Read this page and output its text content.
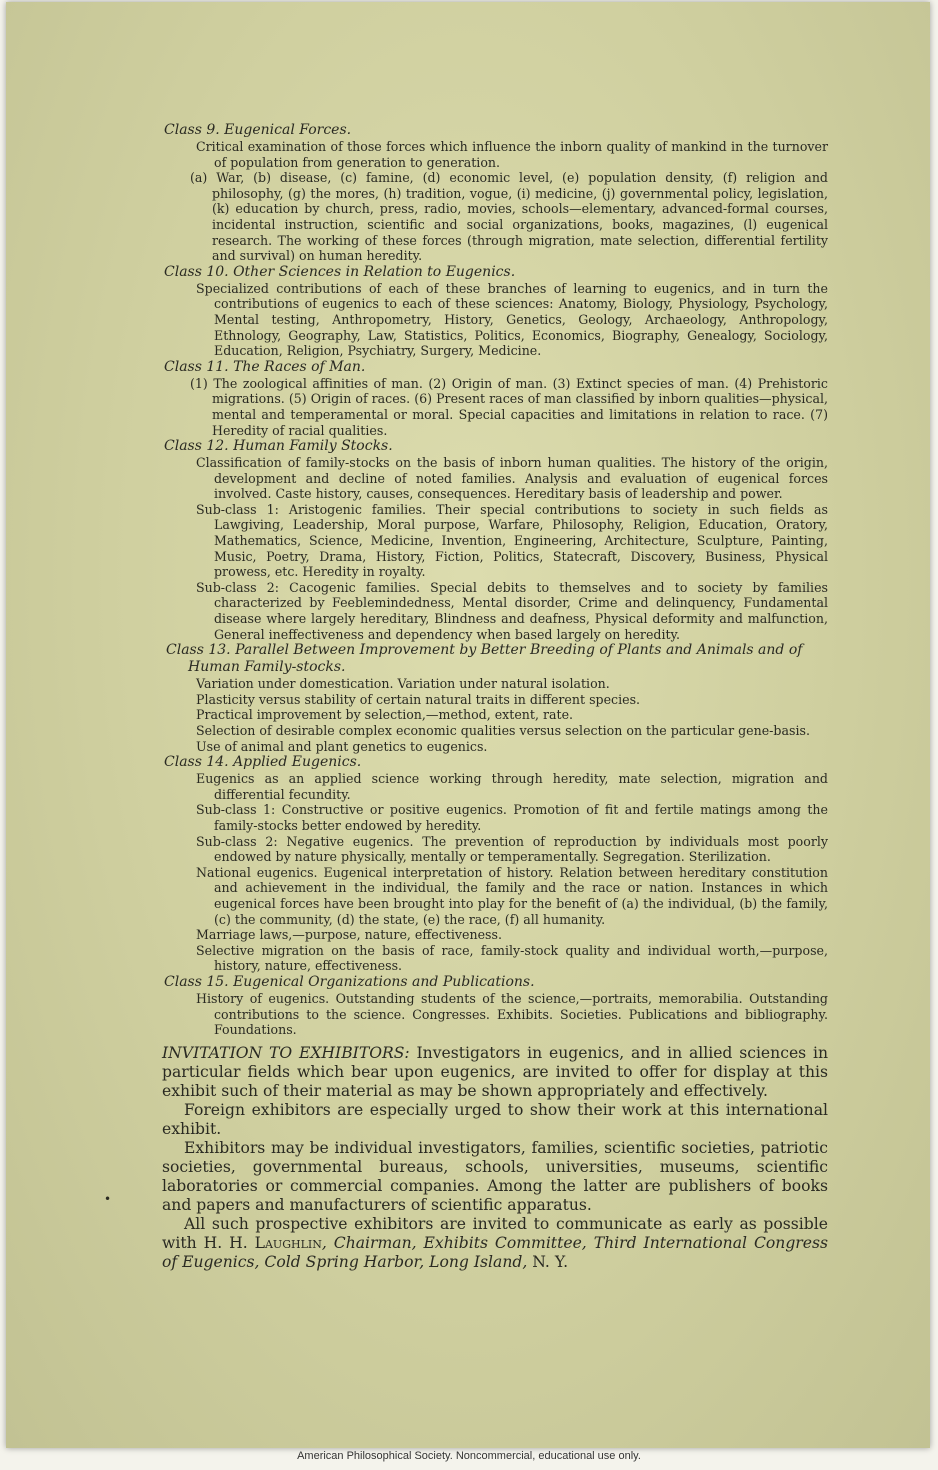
Class 9. Eugenical Forces.
Critical examination of those forces which influence the inborn quality of mankind in the turnover of population from generation to generation.
(a) War, (b) disease, (c) famine, (d) economic level, (e) population density, (f) religion and philosophy, (g) the mores, (h) tradition, vogue, (i) medicine, (j) governmental policy, legislation, (k) education by church, press, radio, movies, schools—elementary, advanced-formal courses, incidental instruction, scientific and social organizations, books, magazines, (l) eugenical research. The working of these forces (through migration, mate selection, differential fertility and survival) on human heredity.
Class 10. Other Sciences in Relation to Eugenics.
Specialized contributions of each of these branches of learning to eugenics, and in turn the contributions of eugenics to each of these sciences: Anatomy, Biology, Physiology, Psychology, Mental testing, Anthropometry, History, Genetics, Geology, Archaeology, Anthropology, Ethnology, Geography, Law, Statistics, Politics, Economics, Biography, Genealogy, Sociology, Education, Religion, Psychiatry, Surgery, Medicine.
Class 11. The Races of Man.
(1) The zoological affinities of man. (2) Origin of man. (3) Extinct species of man. (4) Prehistoric migrations. (5) Origin of races. (6) Present races of man classified by inborn qualities—physical, mental and temperamental or moral. Special capacities and limitations in relation to race. (7) Heredity of racial qualities.
Class 12. Human Family Stocks.
Classification of family-stocks on the basis of inborn human qualities. The history of the origin, development and decline of noted families. Analysis and evaluation of eugenical forces involved. Caste history, causes, consequences. Hereditary basis of leadership and power.
Sub-class 1: Aristogenic families. Their special contributions to society in such fields as Lawgiving, Leadership, Moral purpose, Warfare, Philosophy, Religion, Education, Oratory, Mathematics, Science, Medicine, Invention, Engineering, Architecture, Sculpture, Painting, Music, Poetry, Drama, History, Fiction, Politics, Statecraft, Discovery, Business, Physical prowess, etc. Heredity in royalty.
Sub-class 2: Cacogenic families. Special debits to themselves and to society by families characterized by Feeblemindedness, Mental disorder, Crime and delinquency, Fundamental disease where largely hereditary, Blindness and deafness, Physical deformity and malfunction, General ineffectiveness and dependency when based largely on heredity.
Class 13. Parallel Between Improvement by Better Breeding of Plants and Animals and of Human Family-stocks.
Variation under domestication. Variation under natural isolation.
Plasticity versus stability of certain natural traits in different species.
Practical improvement by selection,—method, extent, rate.
Selection of desirable complex economic qualities versus selection on the particular gene-basis.
Use of animal and plant genetics to eugenics.
Class 14. Applied Eugenics.
Eugenics as an applied science working through heredity, mate selection, migration and differential fecundity.
Sub-class 1: Constructive or positive eugenics. Promotion of fit and fertile matings among the family-stocks better endowed by heredity.
Sub-class 2: Negative eugenics. The prevention of reproduction by individuals most poorly endowed by nature physically, mentally or temperamentally. Segregation. Sterilization.
National eugenics. Eugenical interpretation of history. Relation between hereditary constitution and achievement in the individual, the family and the race or nation. Instances in which eugenical forces have been brought into play for the benefit of (a) the individual, (b) the family, (c) the community, (d) the state, (e) the race, (f) all humanity.
Marriage laws,—purpose, nature, effectiveness.
Selective migration on the basis of race, family-stock quality and individual worth,—purpose, history, nature, effectiveness.
Class 15. Eugenical Organizations and Publications.
History of eugenics. Outstanding students of the science,—portraits, memorabilia. Outstanding contributions to the science. Congresses. Exhibits. Societies. Publications and bibliography. Foundations.

INVITATION TO EXHIBITORS: Investigators in eugenics, and in allied sciences in particular fields which bear upon eugenics, are invited to offer for display at this exhibit such of their material as may be shown appropriately and effectively.

Foreign exhibitors are especially urged to show their work at this international exhibit.

Exhibitors may be individual investigators, families, scientific societies, patriotic societies, governmental bureaus, schools, universities, museums, scientific laboratories or commercial companies. Among the latter are publishers of books and papers and manufacturers of scientific apparatus.

All such prospective exhibitors are invited to communicate as early as possible with H. H. Laughlin, Chairman, Exhibits Committee, Third International Congress of Eugenics, Cold Spring Harbor, Long Island, N. Y.

•
American Philosophical Society. Noncommercial, educational use only.
